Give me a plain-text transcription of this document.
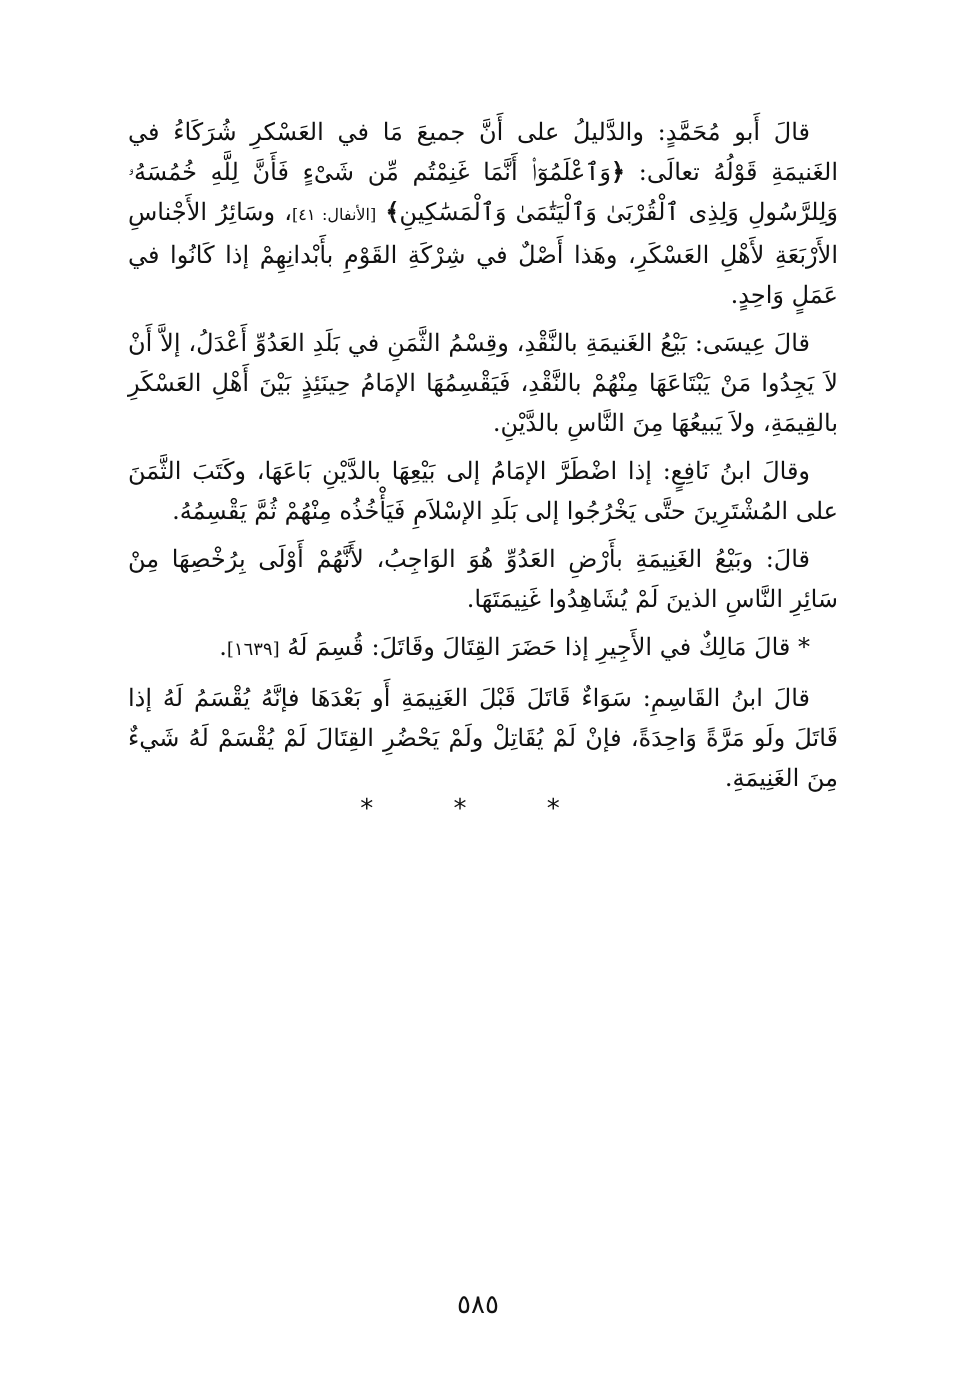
قالَ أَبو مُحَمَّدٍ: والدَّليلُ على أَنَّ جميعَ مَا في العَسْكرِ شُرَكَاءُ في الغَنيمَةِ قَوْلُهُ تعالَى: ﴿وَٱعْلَمُوٓا۟ أَنَّمَا غَنِمْتُم مِّن شَىْءٍ فَأَنَّ لِلَّهِ خُمُسَهُۥ وَلِلرَّسُولِ وَلِذِى ٱلْقُرْبَىٰ وَٱلْيَتَٰمَىٰ وَٱلْمَسَٰكِينِ﴾ [الأنفال: ٤١]، وسَائِرُ الأَجْناسِ الأَرْبَعَةِ لأَهْلِ العَسْكَرِ، وهَذا أَصْلٌ في شِرْكَةِ القَوْمِ بأَبْدانِهِمْ إذا كَانُوا في عَمَلٍ وَاحِدٍ.

قالَ عِيسَى: بَيْعُ الغَنيمَةِ بالنَّقْدِ، وقِسْمُ الثَّمَنِ في بَلَدِ العَدُوِّ أَعْدَلُ، إلاَّ أَنْ لاَ يَجِدُوا مَنْ يَبْتَاعَهَا مِنْهُمْ بالنَّقْدِ، فَيَقْسِمُهَا الإمَامُ حِينَئِذٍ بَيْنَ أَهْلِ العَسْكَرِ بالقِيمَةِ، ولاَ يَبيعُهَا مِنَ النَّاسِ بالدَّيْنِ.

وقالَ ابنُ نَافِعٍ: إذا اضْطَرَّ الإمَامُ إلى بَيْعِهَا بالدَّيْنِ بَاعَهَا، وكَتَبَ الثَّمَنَ على المُشْتَرِينَ حتَّى يَخْرُجُوا إلى بَلَدِ الإسْلاَمِ فَيَأْخُذُه مِنْهُمْ ثُمَّ يَقْسِمُهُ.

قالَ: وبَيْعُ الغَنِيمَةِ بأَرْضِ العَدُوِّ هُوَ الوَاجِبُ، لأَنَّهُمْ أَوْلَى بِرُخْصِهَا مِنْ سَائِرِ النَّاسِ الذينَ لَمْ يُشَاهِدُوا غَنِيمَتَهَا.

* قالَ مَالِكٌ في الأَجِيرِ إذا حَضَرَ القِتَالَ وقَاتَلَ: قُسِمَ لَهُ [١٦٣٩].

قالَ ابنُ القَاسِمِ: سَوَاءٌ قَاتَلَ قَبْلَ الغَنِيمَةِ أَو بَعْدَهَا فإنَّهُ يُقْسَمُ لَهُ إذا قَاتَلَ ولَو مَرَّةً وَاحِدَةً، فإنْ لَمْ يُقَاتِلْ ولَمْ يَحْضُرِ القِتَالَ لَمْ يُقْسَمْ لَهُ شَيءٌ مِنَ الغَنِيمَةِ.

* * *
٥٨٥
